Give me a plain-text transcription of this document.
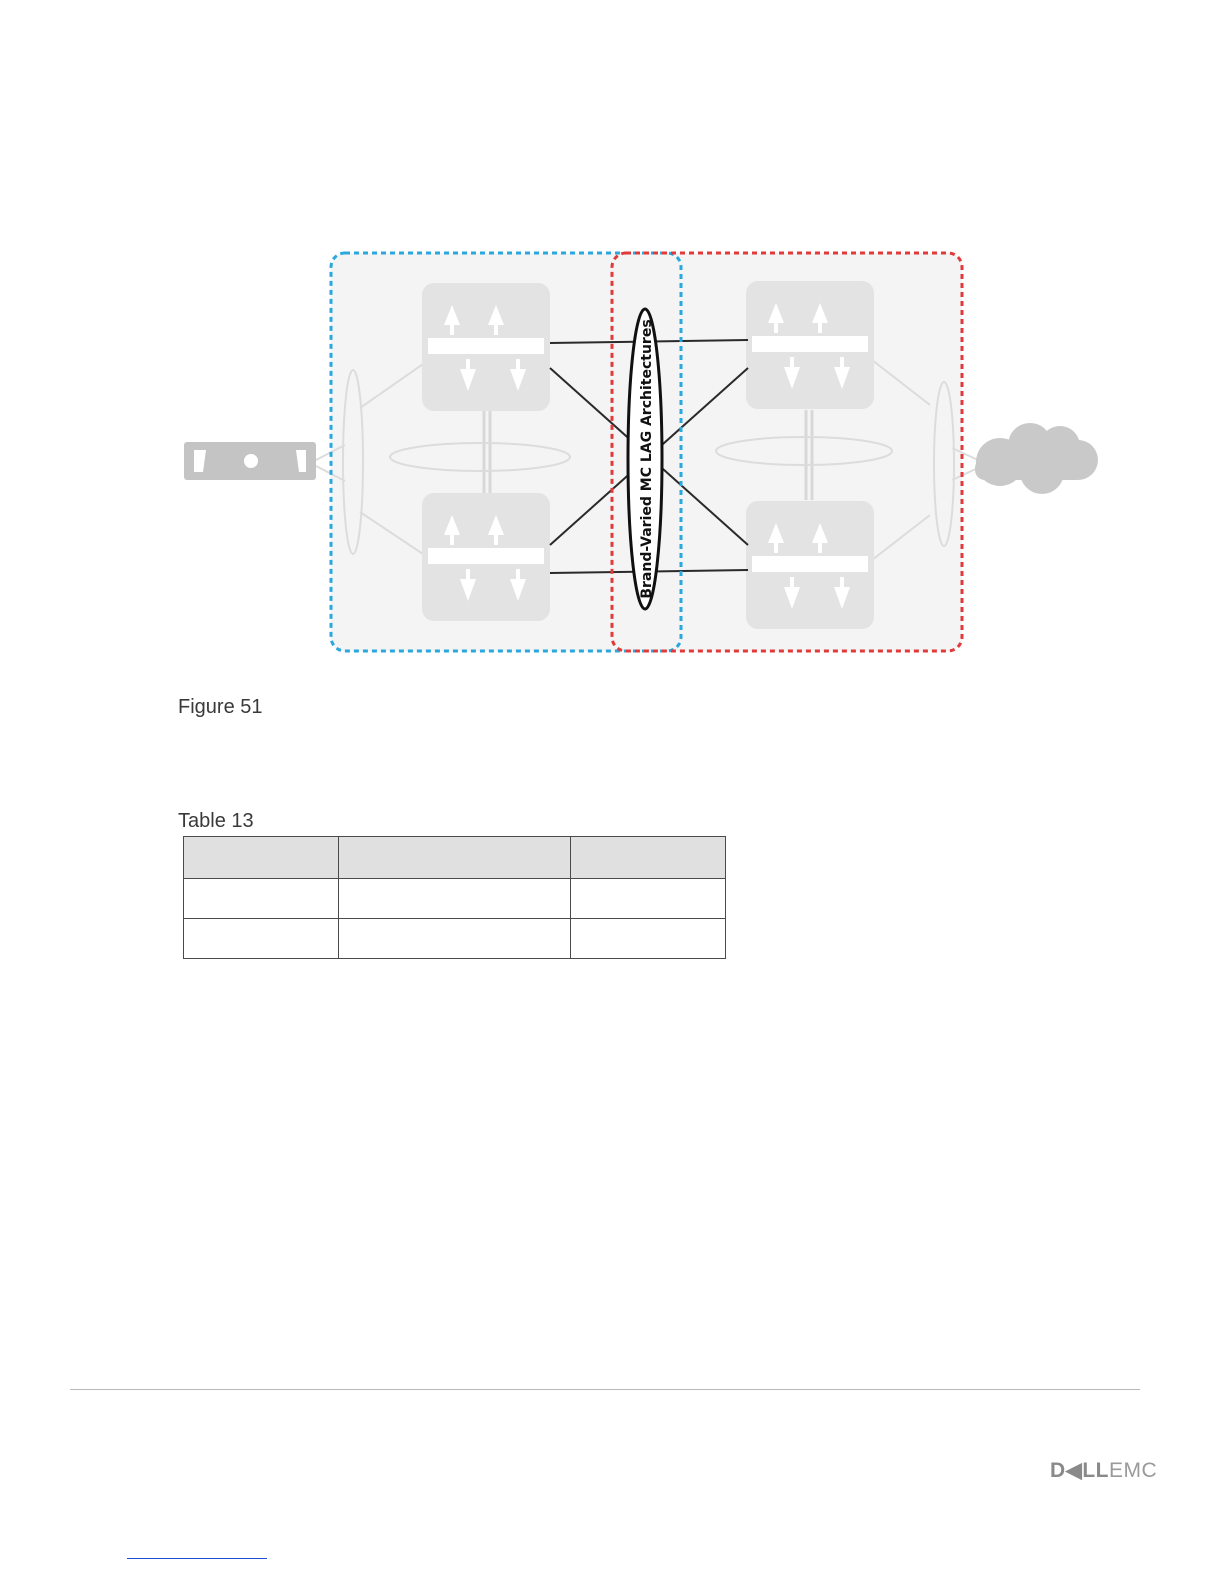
Brand-Varied MC LAG Architectures
Figure 51
Table 13

D◀LLEMC
